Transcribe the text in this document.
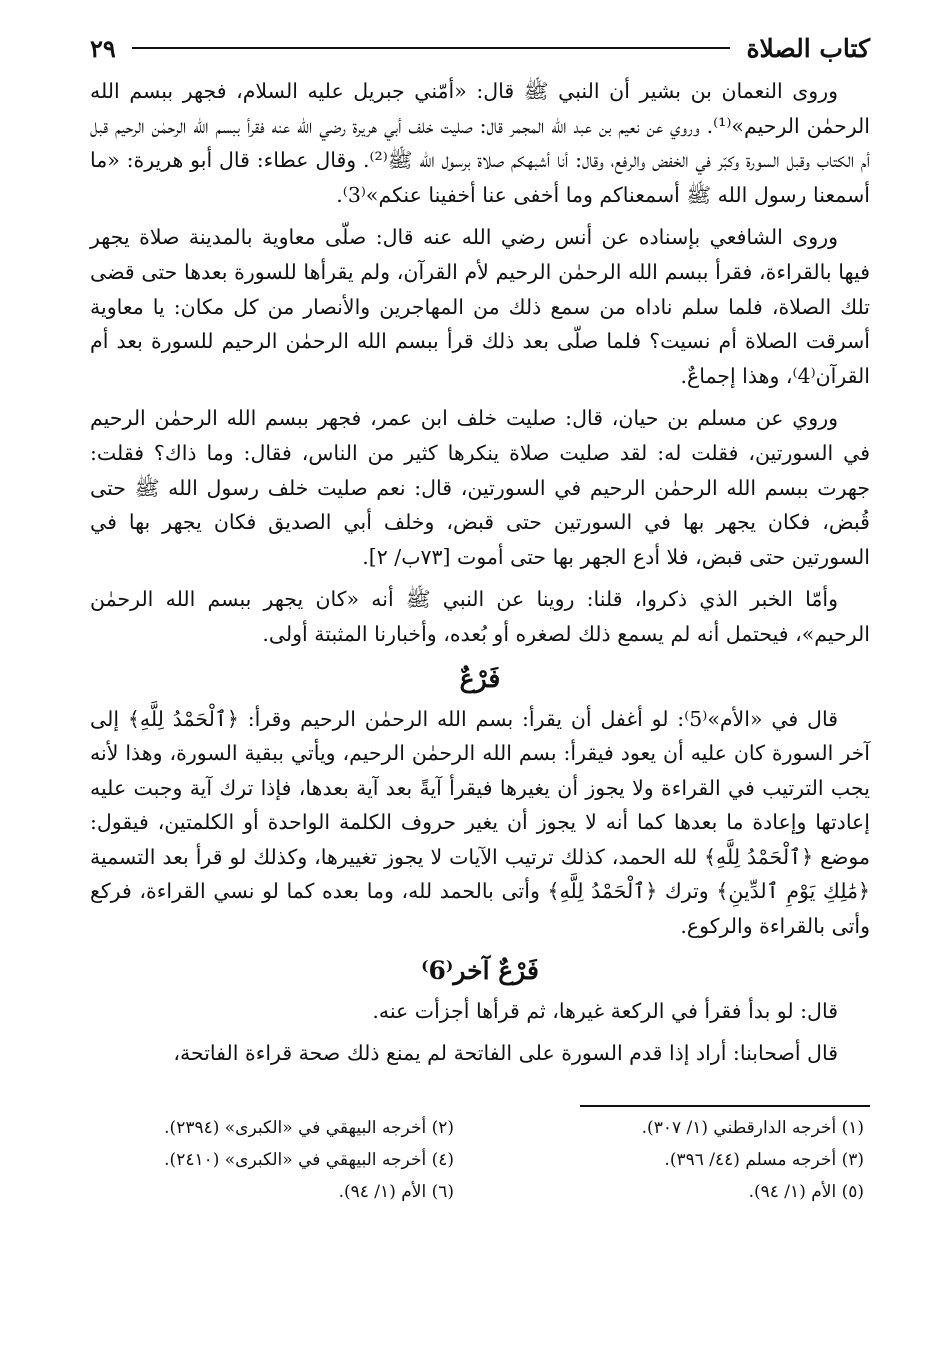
كتاب الصلاة
٢٩

وروى النعمان بن بشير أن النبي ﷺ قال: «أمّني جبريل عليه السلام، فجهر ببسم الله الرحمٰن الرحيم»⁽¹⁾. وروي عن نعيم بن عبد الله المجمر قال: صليت خلف أبي هريرة رضي الله عنه فقرأ ببسم الله الرحمٰن الرحيم قبل أم الكتاب وقبل السورة وكبّر في الخفض والرفع، وقال: أنا أشبهكم صلاة برسول الله ﷺ⁽²⁾. وقال عطاء: قال أبو هريرة: «ما أسمعنا رسول الله ﷺ أسمعناكم وما أخفى عنا أخفينا عنكم»⁽3⁾.

وروى الشافعي بإسناده عن أنس رضي الله عنه قال: صلّى معاوية بالمدينة صلاة يجهر فيها بالقراءة، فقرأ ببسم الله الرحمٰن الرحيم لأم القرآن، ولم يقرأها للسورة بعدها حتى قضى تلك الصلاة، فلما سلم ناداه من سمع ذلك من المهاجرين والأنصار من كل مكان: يا معاوية أسرقت الصلاة أم نسيت؟ فلما صلّى بعد ذلك قرأ ببسم الله الرحمٰن الرحيم للسورة بعد أم القرآن⁽4⁾، وهذا إجماعٌ.

وروي عن مسلم بن حيان، قال: صليت خلف ابن عمر، فجهر ببسم الله الرحمٰن الرحيم في السورتين، فقلت له: لقد صليت صلاة ينكرها كثير من الناس، فقال: وما ذاك؟ فقلت: جهرت ببسم الله الرحمٰن الرحيم في السورتين، قال: نعم صليت خلف رسول الله ﷺ حتى قُبض، فكان يجهر بها في السورتين حتى قبض، وخلف أبي الصديق فكان يجهر بها في السورتين حتى قبض، فلا أدع الجهر بها حتى أموت [٧٣ب/ ٢].

وأمّا الخبر الذي ذكروا، قلنا: روينا عن النبي ﷺ أنه «كان يجهر ببسم الله الرحمٰن الرحيم»، فيحتمل أنه لم يسمع ذلك لصغره أو بُعده، وأخبارنا المثبتة أولى.

فَرْعٌ

قال في «الأم»⁽5⁾: لو أغفل أن يقرأ: بسم الله الرحمٰن الرحيم وقرأ: ﴿ٱلْحَمْدُ لِلَّهِ﴾ إلى آخر السورة كان عليه أن يعود فيقرأ: بسم الله الرحمٰن الرحيم، ويأتي ببقية السورة، وهذا لأنه يجب الترتيب في القراءة ولا يجوز أن يغيرها فيقرأ آيةً بعد آية بعدها، فإذا ترك آية وجبت عليه إعادتها وإعادة ما بعدها كما أنه لا يجوز أن يغير حروف الكلمة الواحدة أو الكلمتين، فيقول: موضع ﴿ٱلْحَمْدُ لِلَّهِ﴾ لله الحمد، كذلك ترتيب الآيات لا يجوز تغييرها، وكذلك لو قرأ بعد التسمية ﴿مَٰلِكِ يَوْمِ ٱلدِّينِ﴾ وترك ﴿ٱلْحَمْدُ لِلَّهِ﴾ وأتى بالحمد لله، وما بعده كما لو نسي القراءة، فركع وأتى بالقراءة والركوع.

فَرْعٌ آخر⁽6⁾

قال: لو بدأ فقرأ في الركعة غيرها، ثم قرأها أجزأت عنه.

قال أصحابنا: أراد إذا قدم السورة على الفاتحة لم يمنع ذلك صحة قراءة الفاتحة،

(١) أخرجه الدارقطني (١/ ٣٠٧).
(٢) أخرجه البيهقي في «الكبرى» (٢٣٩٤).
(٣) أخرجه مسلم (٤٤/ ٣٩٦).
(٤) أخرجه البيهقي في «الكبرى» (٢٤١٠).
(٥) الأم (١/ ٩٤).
(٦) الأم (١/ ٩٤).
